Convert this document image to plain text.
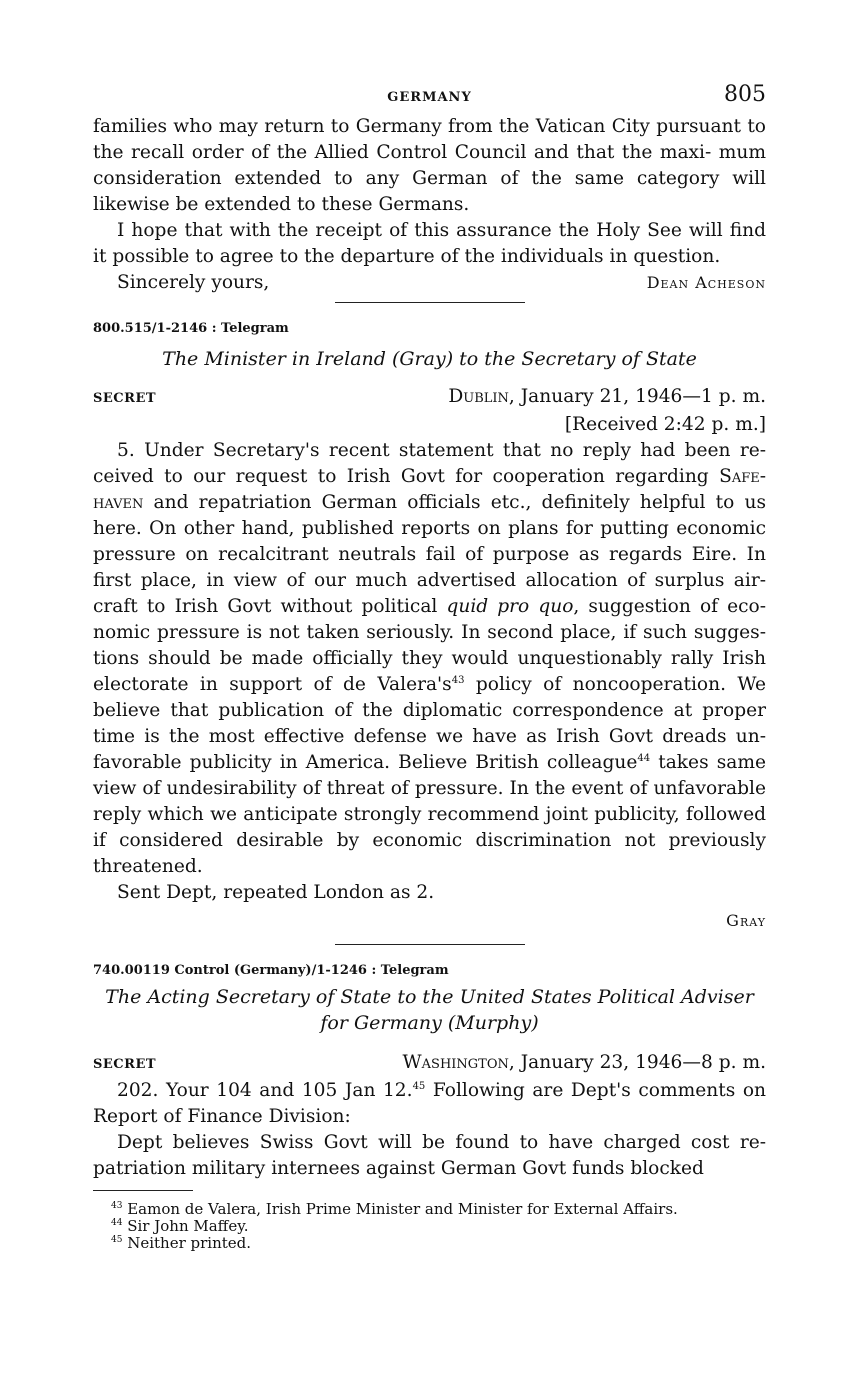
GERMANY	805

families who may return to Germany from the Vatican City pursuant to the recall order of the Allied Control Council and that the maxi- mum consideration extended to any German of the same category will likewise be extended to these Germans.

I hope that with the receipt of this assurance the Holy See will find it possible to agree to the departure of the individuals in question.

Sincerely yours,	Dean Acheson
800.515/1-2146 : Telegram
The Minister in Ireland (Gray) to the Secretary of State
SECRET	Dublin, January 21, 1946—1 p. m.
[Received 2:42 p. m.]

5. Under Secretary's recent statement that no reply had been re- ceived to our request to Irish Govt for cooperation regarding Safe- haven and repatriation German officials etc., definitely helpful to us here. On other hand, published reports on plans for putting economic pressure on recalcitrant neutrals fail of purpose as regards Eire. In first place, in view of our much advertised allocation of surplus air- craft to Irish Govt without political quid pro quo, suggestion of eco- nomic pressure is not taken seriously. In second place, if such sugges- tions should be made officially they would unquestionably rally Irish electorate in support of de $Valera's^{43}$ policy of noncooperation. We believe that publication of the diplomatic correspondence at proper time is the most effective defense we have as Irish Govt dreads un- favorable publicity in America. Believe British colleague$^{44}$ takes same view of undesirability of threat of pressure. In the event of unfavorable reply which we anticipate strongly recommend joint publicity, followed if considered desirable by economic discrimination not previously threatened.

Sent Dept, repeated London as 2.

Gray
740.00119 Control (Germany)/1-1246 : Telegram
The Acting Secretary of State to the United States Political Adviser for Germany (Murphy)
SECRET	Washington, January 23, 1946—8 p. m.

202. Your 104 and 105 Jan 12.45 Following are Dept's comments on Report of Finance Division:

Dept believes Swiss Govt will be found to have charged cost re- patriation military internees against German Govt funds blocked

$^{43}$ Eamon de Valera, Irish Prime Minister and Minister for External Affairs.
$^{44}$ Sir John Maffey.
$^{45}$ Neither printed.
